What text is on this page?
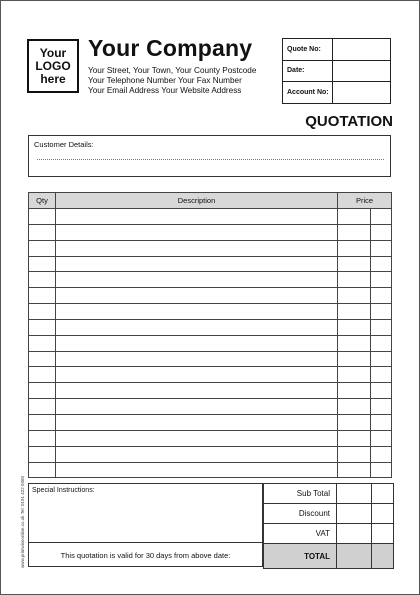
Your LOGO here
Your Company
Your Street, Your Town, Your County Postcode
Your Telephone Number Your Fax Number
Your Email Address Your Website Address
Quote No:	
Date:	
Account No:	
QUOTATION
Customer Details:
Qty	Description	Price	

Special Instructions:
This quotation is valid for 30 days from above date:
Sub Total		
Discount		
VAT		
TOTAL		
www.printwiseonline.co.uk Tel: 0191 422 0360
